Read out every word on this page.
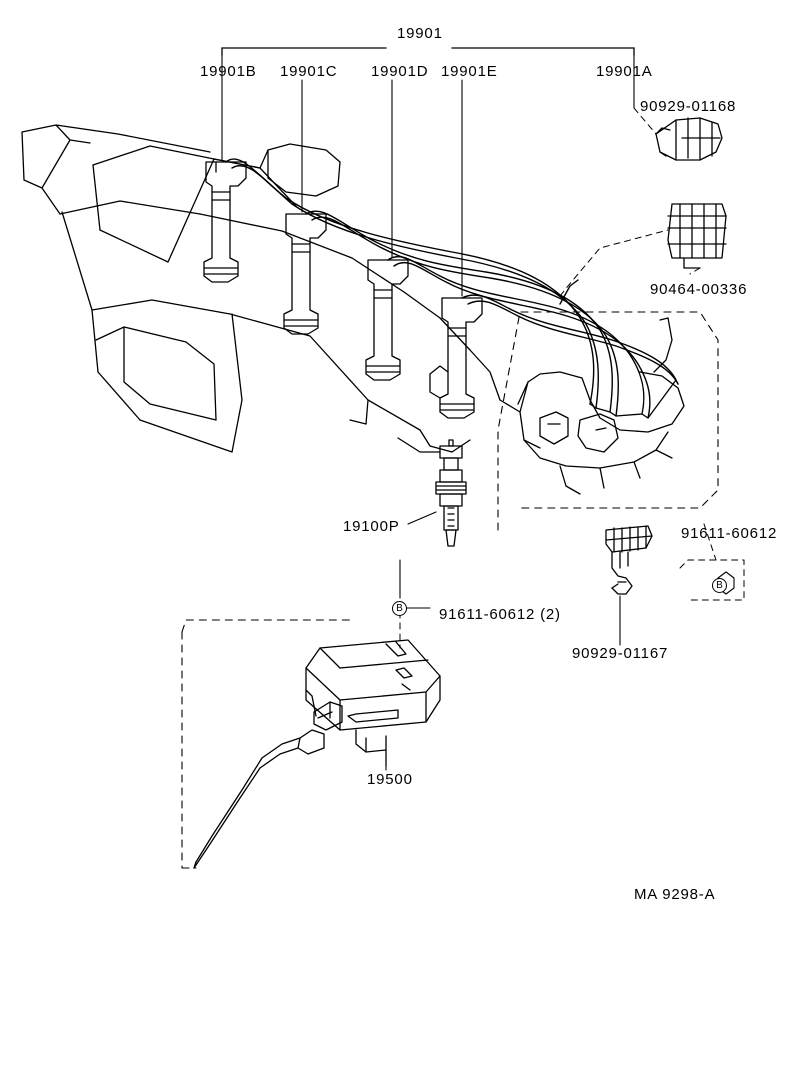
19901
19901B 19901C 19901D 19901E	19901A
90929-01168
90464-00336
91611-60612
90929-01167
91611-60612 (2)
19100P
19500
B
B
MA 9298-A
